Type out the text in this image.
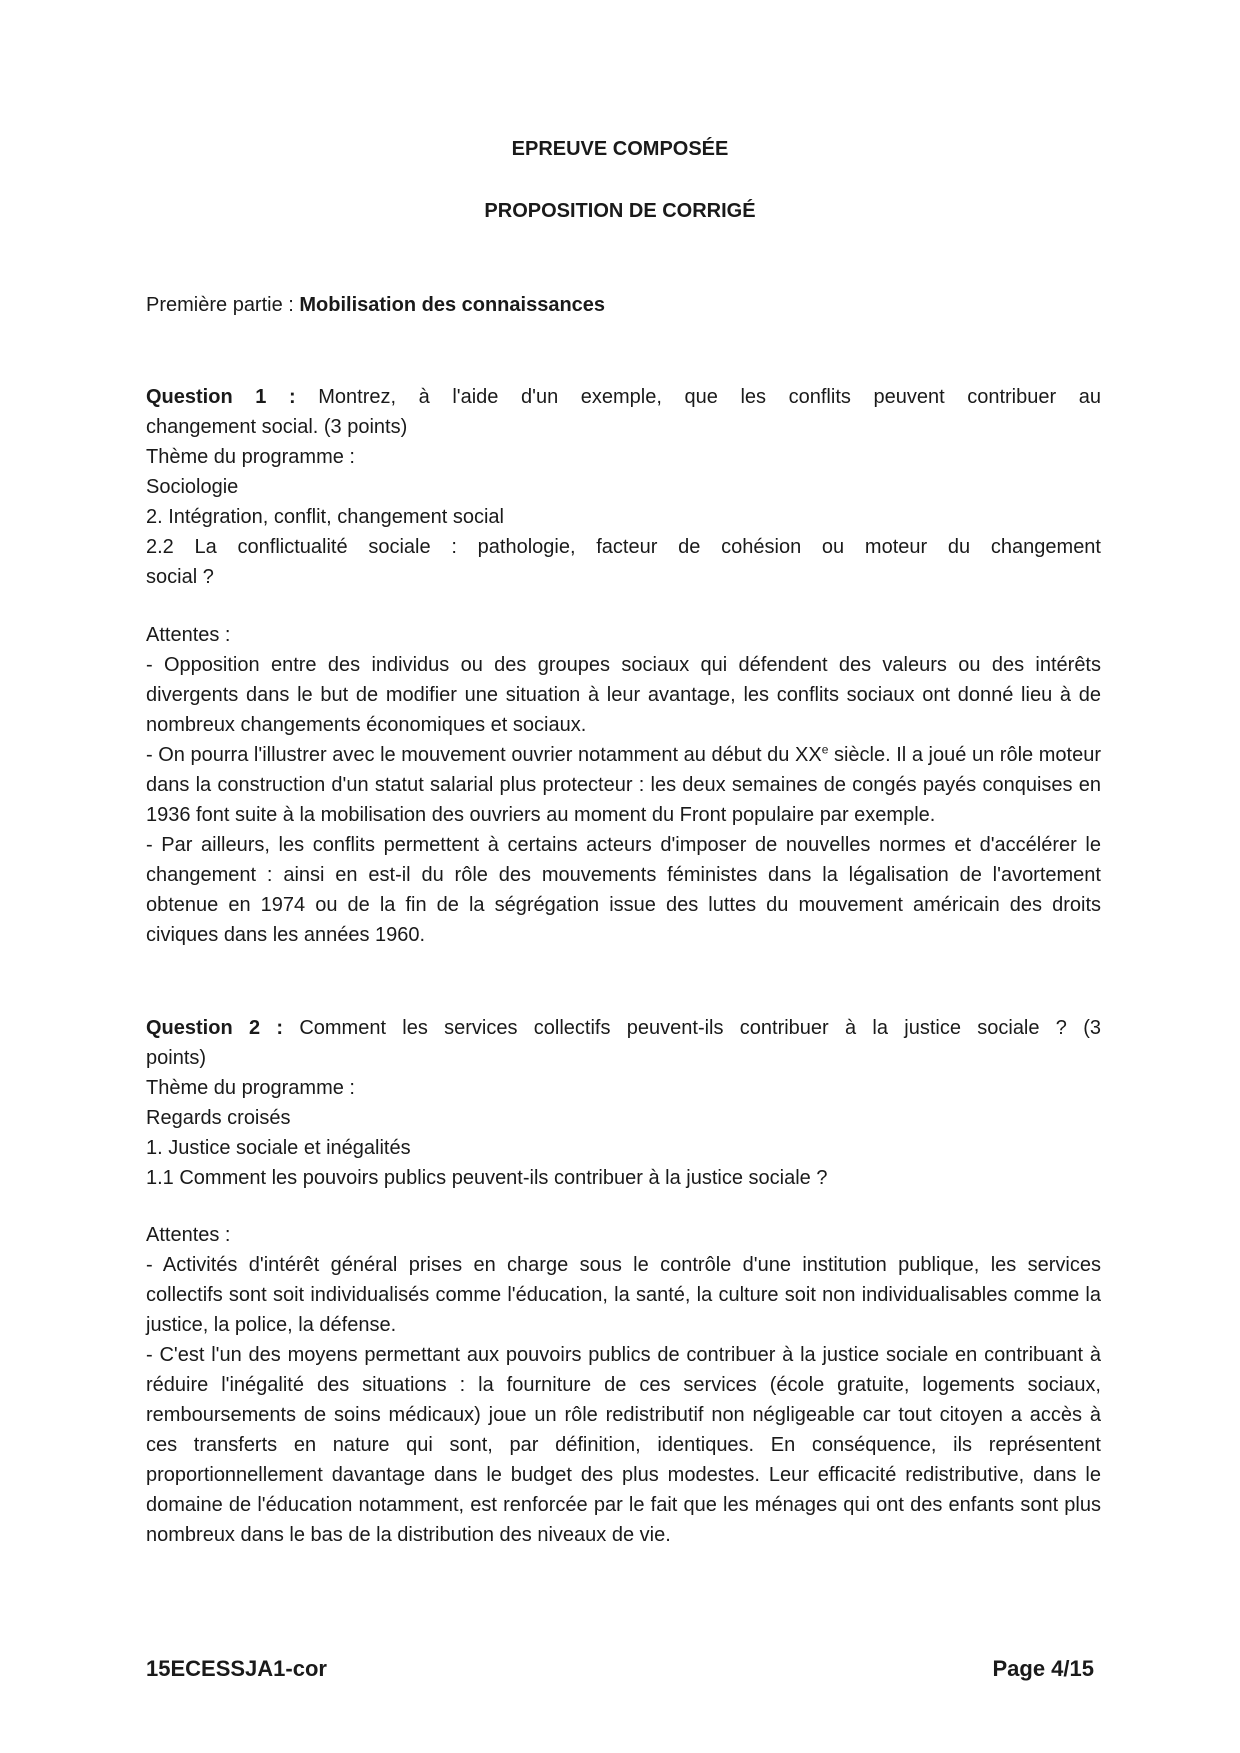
EPREUVE COMPOSÉE
PROPOSITION DE CORRIGÉ
Première partie : Mobilisation des connaissances
Question 1 : Montrez, à l'aide d'un exemple, que les conflits peuvent contribuer au
changement social. (3 points)
Thème du programme :
Sociologie
2. Intégration, conflit, changement social
2.2 La conflictualité sociale : pathologie, facteur de cohésion ou moteur du changement
social ?
Attentes :
- Opposition entre des individus ou des groupes sociaux qui défendent des valeurs ou des intérêts divergents dans le but de modifier une situation à leur avantage, les conflits sociaux ont donné lieu à de nombreux changements économiques et sociaux.
- On pourra l'illustrer avec le mouvement ouvrier notamment au début du XXe siècle. Il a joué un rôle moteur dans la construction d'un statut salarial plus protecteur : les deux semaines de congés payés conquises en 1936 font suite à la mobilisation des ouvriers au moment du Front populaire par exemple.
- Par ailleurs, les conflits permettent à certains acteurs d'imposer de nouvelles normes et d'accélérer le changement : ainsi en est-il du rôle des mouvements féministes dans la légalisation de l'avortement obtenue en 1974 ou de la fin de la ségrégation issue des luttes du mouvement américain des droits civiques dans les années 1960.
Question 2 : Comment les services collectifs peuvent-ils contribuer à la justice sociale ? (3
points)
Thème du programme :
Regards croisés
1. Justice sociale et inégalités
1.1 Comment les pouvoirs publics peuvent-ils contribuer à la justice sociale ?
Attentes :
- Activités d'intérêt général prises en charge sous le contrôle d'une institution publique, les services collectifs sont soit individualisés comme l'éducation, la santé, la culture soit non individualisables comme la justice, la police, la défense.
- C'est l'un des moyens permettant aux pouvoirs publics de contribuer à la justice sociale en contribuant à réduire l'inégalité des situations : la fourniture de ces services (école gratuite, logements sociaux, remboursements de soins médicaux) joue un rôle redistributif non négligeable car tout citoyen a accès à ces transferts en nature qui sont, par définition, identiques. En conséquence, ils représentent proportionnellement davantage dans le budget des plus modestes. Leur efficacité redistributive, dans le domaine de l'éducation notamment, est renforcée par le fait que les ménages qui ont des enfants sont plus nombreux dans le bas de la distribution des niveaux de vie.
15ECESSJA1-cor	Page 4/15
